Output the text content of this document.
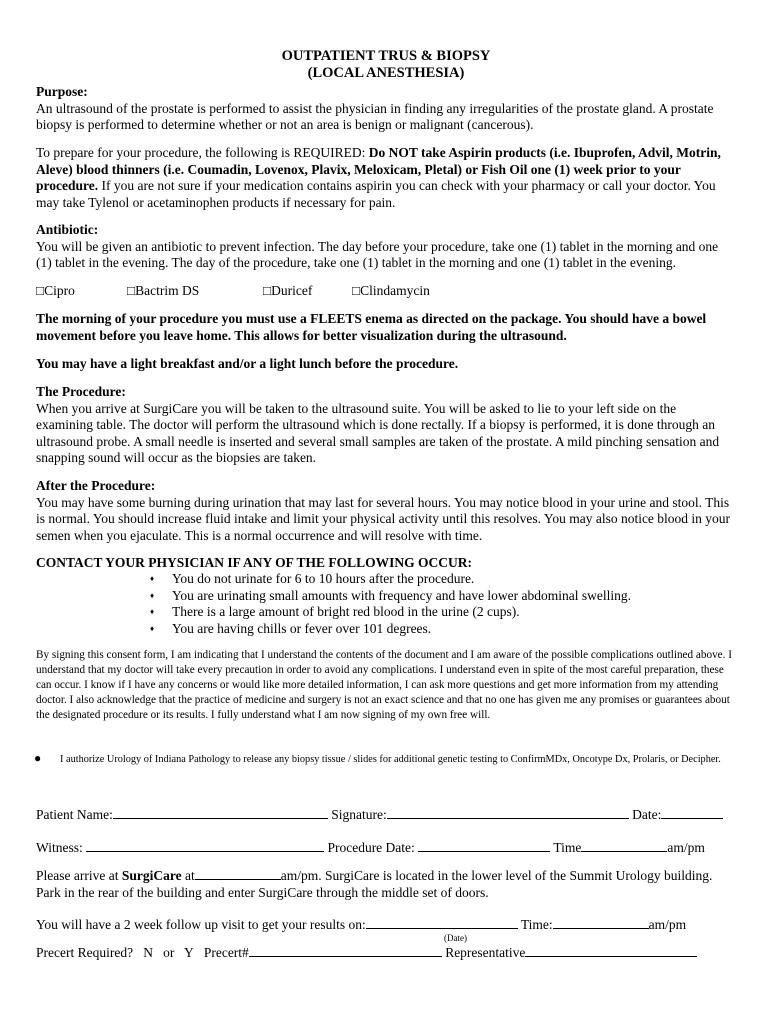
OUTPATIENT TRUS & BIOPSY
(LOCAL ANESTHESIA)
Purpose:
An ultrasound of the prostate is performed to assist the physician in finding any irregularities of the prostate gland. A prostate biopsy is performed to determine whether or not an area is benign or malignant (cancerous).
To prepare for your procedure, the following is REQUIRED: Do NOT take Aspirin products (i.e. Ibuprofen, Advil, Motrin, Aleve) blood thinners (i.e. Coumadin, Lovenox, Plavix, Meloxicam, Pletal) or Fish Oil one (1) week prior to your procedure. If you are not sure if your medication contains aspirin you can check with your pharmacy or call your doctor. You may take Tylenol or acetaminophen products if necessary for pain.
Antibiotic:
You will be given an antibiotic to prevent infection. The day before your procedure, take one (1) tablet in the morning and one (1) tablet in the evening. The day of the procedure, take one (1) tablet in the morning and one (1) tablet in the evening.
□Cipro	□Bactrim DS	□Duricef	□Clindamycin
The morning of your procedure you must use a FLEETS enema as directed on the package. You should have a bowel movement before you leave home. This allows for better visualization during the ultrasound.
You may have a light breakfast and/or a light lunch before the procedure.
The Procedure:
When you arrive at SurgiCare you will be taken to the ultrasound suite. You will be asked to lie to your left side on the examining table. The doctor will perform the ultrasound which is done rectally. If a biopsy is performed, it is done through an ultrasound probe. A small needle is inserted and several small samples are taken of the prostate. A mild pinching sensation and snapping sound will occur as the biopsies are taken.
After the Procedure:
You may have some burning during urination that may last for several hours. You may notice blood in your urine and stool. This is normal. You should increase fluid intake and limit your physical activity until this resolves. You may also notice blood in your semen when you ejaculate. This is a normal occurrence and will resolve with time.
CONTACT YOUR PHYSICIAN IF ANY OF THE FOLLOWING OCCUR:
♦ You do not urinate for 6 to 10 hours after the procedure.
♦ You are urinating small amounts with frequency and have lower abdominal swelling.
♦ There is a large amount of bright red blood in the urine (2 cups).
♦ You are having chills or fever over 101 degrees.
By signing this consent form, I am indicating that I understand the contents of the document and I am aware of the possible complications outlined above. I understand that my doctor will take every precaution in order to avoid any complications. I understand even in spite of the most careful preparation, these can occur. I know if I have any concerns or would like more detailed information, I can ask more questions and get more information from my attending doctor. I also acknowledge that the practice of medicine and surgery is not an exact science and that no one has given me any promises or guarantees about the designated procedure or its results. I fully understand what I am now signing of my own free will.
●	I authorize Urology of Indiana Pathology to release any biopsy tissue / slides for additional genetic testing to ConfirmMDx, Oncotype Dx, Prolaris, or Decipher.
Patient Name:	Signature:	Date:
Witness:	Procedure Date:	Time	am/pm
Please arrive at SurgiCare at	am/pm. SurgiCare is located in the lower level of the Summit Urology building.
Park in the rear of the building and enter SurgiCare through the middle set of doors.
You will have a 2 week follow up visit to get your results on:	Time:	am/pm
(Date)
Precert Required? N or Y Precert#	Representative
